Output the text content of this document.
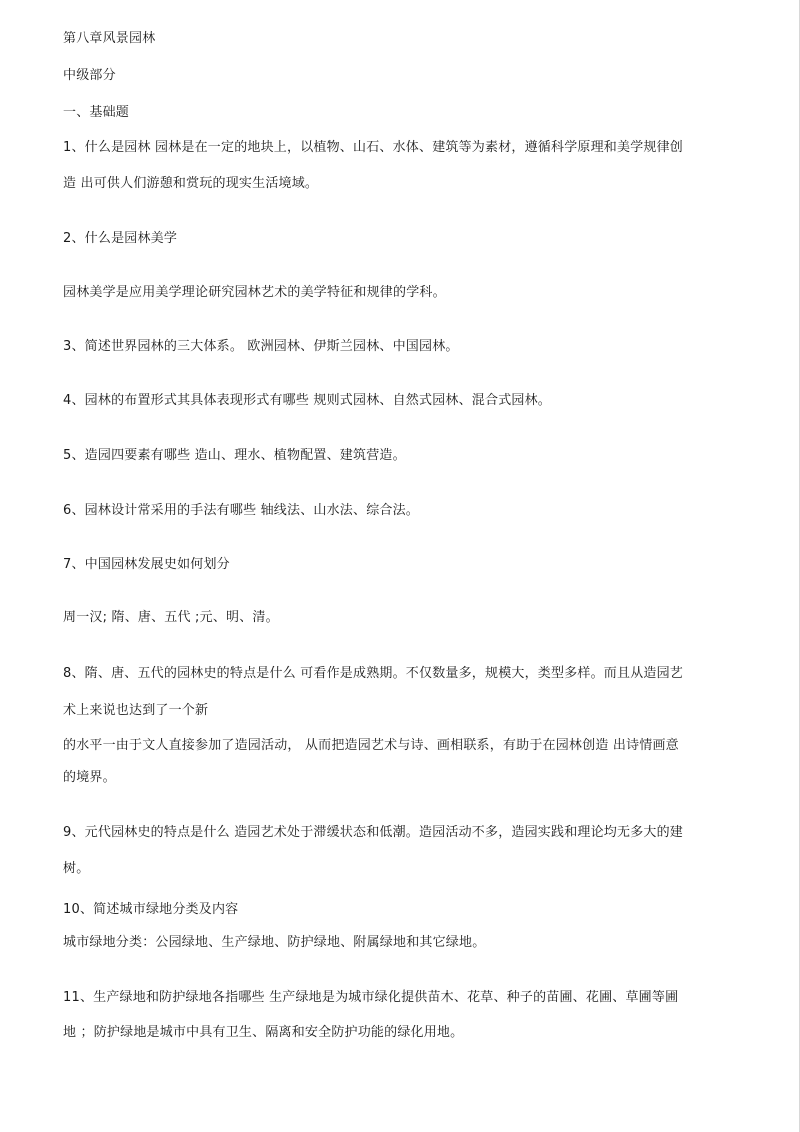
第八章风景园林
中级部分
一、基础题
1、什么是园林 园林是在一定的地块上，以植物、山石、水体、建筑等为素材，遵循科学原理和美学规律创
造 出可供人们游憩和赏玩的现实生活境域。
2、什么是园林美学
园林美学是应用美学理论研究园林艺术的美学特征和规律的学科。
3、简述世界园林的三大体系。 欧洲园林、伊斯兰园林、中国园林。
4、园林的布置形式其具体表现形式有哪些 规则式园林、自然式园林、混合式园林。
5、造园四要素有哪些 造山、理水、植物配置、建筑营造。
6、园林设计常采用的手法有哪些 轴线法、山水法、综合法。
7、中国园林发展史如何划分
周一汉; 隋、唐、五代 ;元、明、清。
8、隋、唐、五代的园林史的特点是什么 可看作是成熟期。不仅数量多，规模大，类型多样。而且从造园艺
术上来说也达到了一个新
的水平一由于文人直接参加了造园活动， 从而把造园艺术与诗、画相联系，有助于在园林创造 出诗情画意
的境界。
9、元代园林史的特点是什么 造园艺术处于滞缓状态和低潮。造园活动不多，造园实践和理论均无多大的建
树。
10、简述城市绿地分类及内容
城市绿地分类：公园绿地、生产绿地、防护绿地、附属绿地和其它绿地。
11、生产绿地和防护绿地各指哪些 生产绿地是为城市绿化提供苗木、花草、种子的苗圃、花圃、草圃等圃
地 ；防护绿地是城市中具有卫生、隔离和安全防护功能的绿化用地。
